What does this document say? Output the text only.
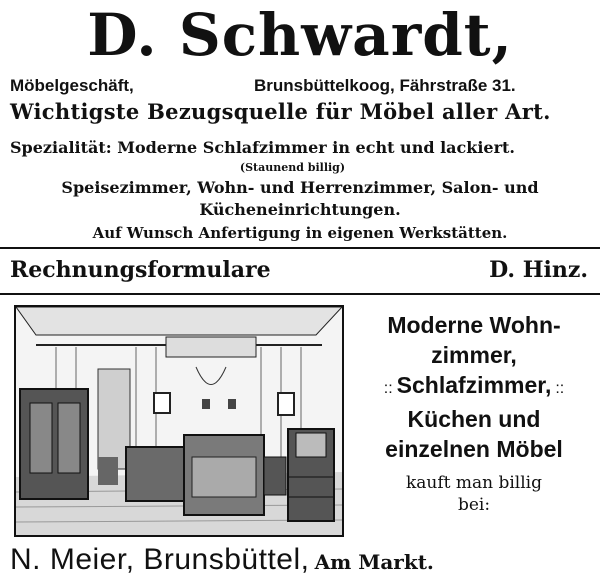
D. Schwardt,
Möbelgeschäft,	Brunsbüttelkoog, Fährstraße 31.
Wichtigste Bezugsquelle für Möbel aller Art.
Spezialität: Moderne Schlafzimmer in echt und lackiert.
(Staunend billig)
Speisezimmer, Wohn- und Herrenzimmer, Salon- und Kücheneinrichtungen.
Auf Wunsch Anfertigung in eigenen Werkstätten.
Rechnungsformulare	D. Hinz.
Moderne Wohn-
zimmer,
:: Schlafzimmer, ::
Küchen und
einzelnen Möbel
kauft man billig
bei:
N. Meier, Brunsbüttel, Am Markt.
